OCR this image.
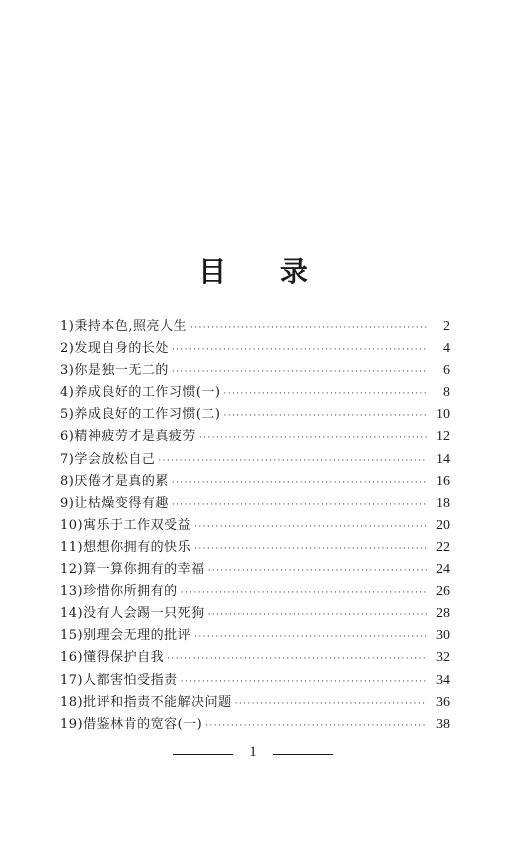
目 录
1)秉持本色,照亮人生 ·····	2
2)发现自身的长处 ·····	4
3)你是独一无二的 ·····	6
4)养成良好的工作习惯(一) ·····	8
5)养成良好的工作习惯(二) ·····	10
6)精神疲劳才是真疲劳 ·····	12
7)学会放松自己 ·····	14
8)厌倦才是真的累 ·····	16
9)让枯燥变得有趣 ·····	18
10)寓乐于工作双受益 ·····	20
11)想想你拥有的快乐 ·····	22
12)算一算你拥有的幸福 ·····	24
13)珍惜你所拥有的 ·····	26
14)没有人会踢一只死狗 ·····	28
15)别理会无理的批评 ·····	30
16)懂得保护自我 ·····	32
17)人都害怕受指责 ·····	34
18)批评和指责不能解决问题 ·····	36
19)借鉴林肯的宽容(一) ·····	38
1
